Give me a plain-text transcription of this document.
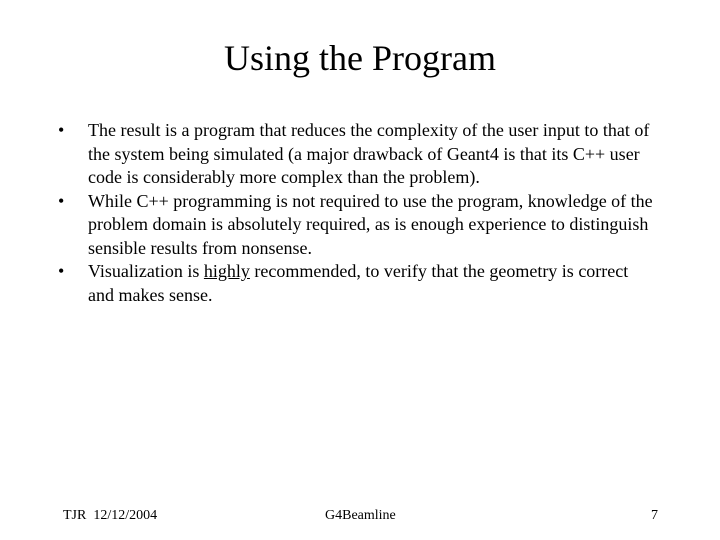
Using the Program
•	The result is a program that reduces the complexity of the user input to that of the system being simulated (a major drawback of Geant4 is that its C++ user code is considerably more complex than the problem).
•	While C++ programming is not required to use the program, knowledge of the problem domain is absolutely required, as is enough experience to distinguish sensible results from nonsense.
•	Visualization is highly recommended, to verify that the geometry is correct and makes sense.
TJR  12/12/2004	G4Beamline	7
